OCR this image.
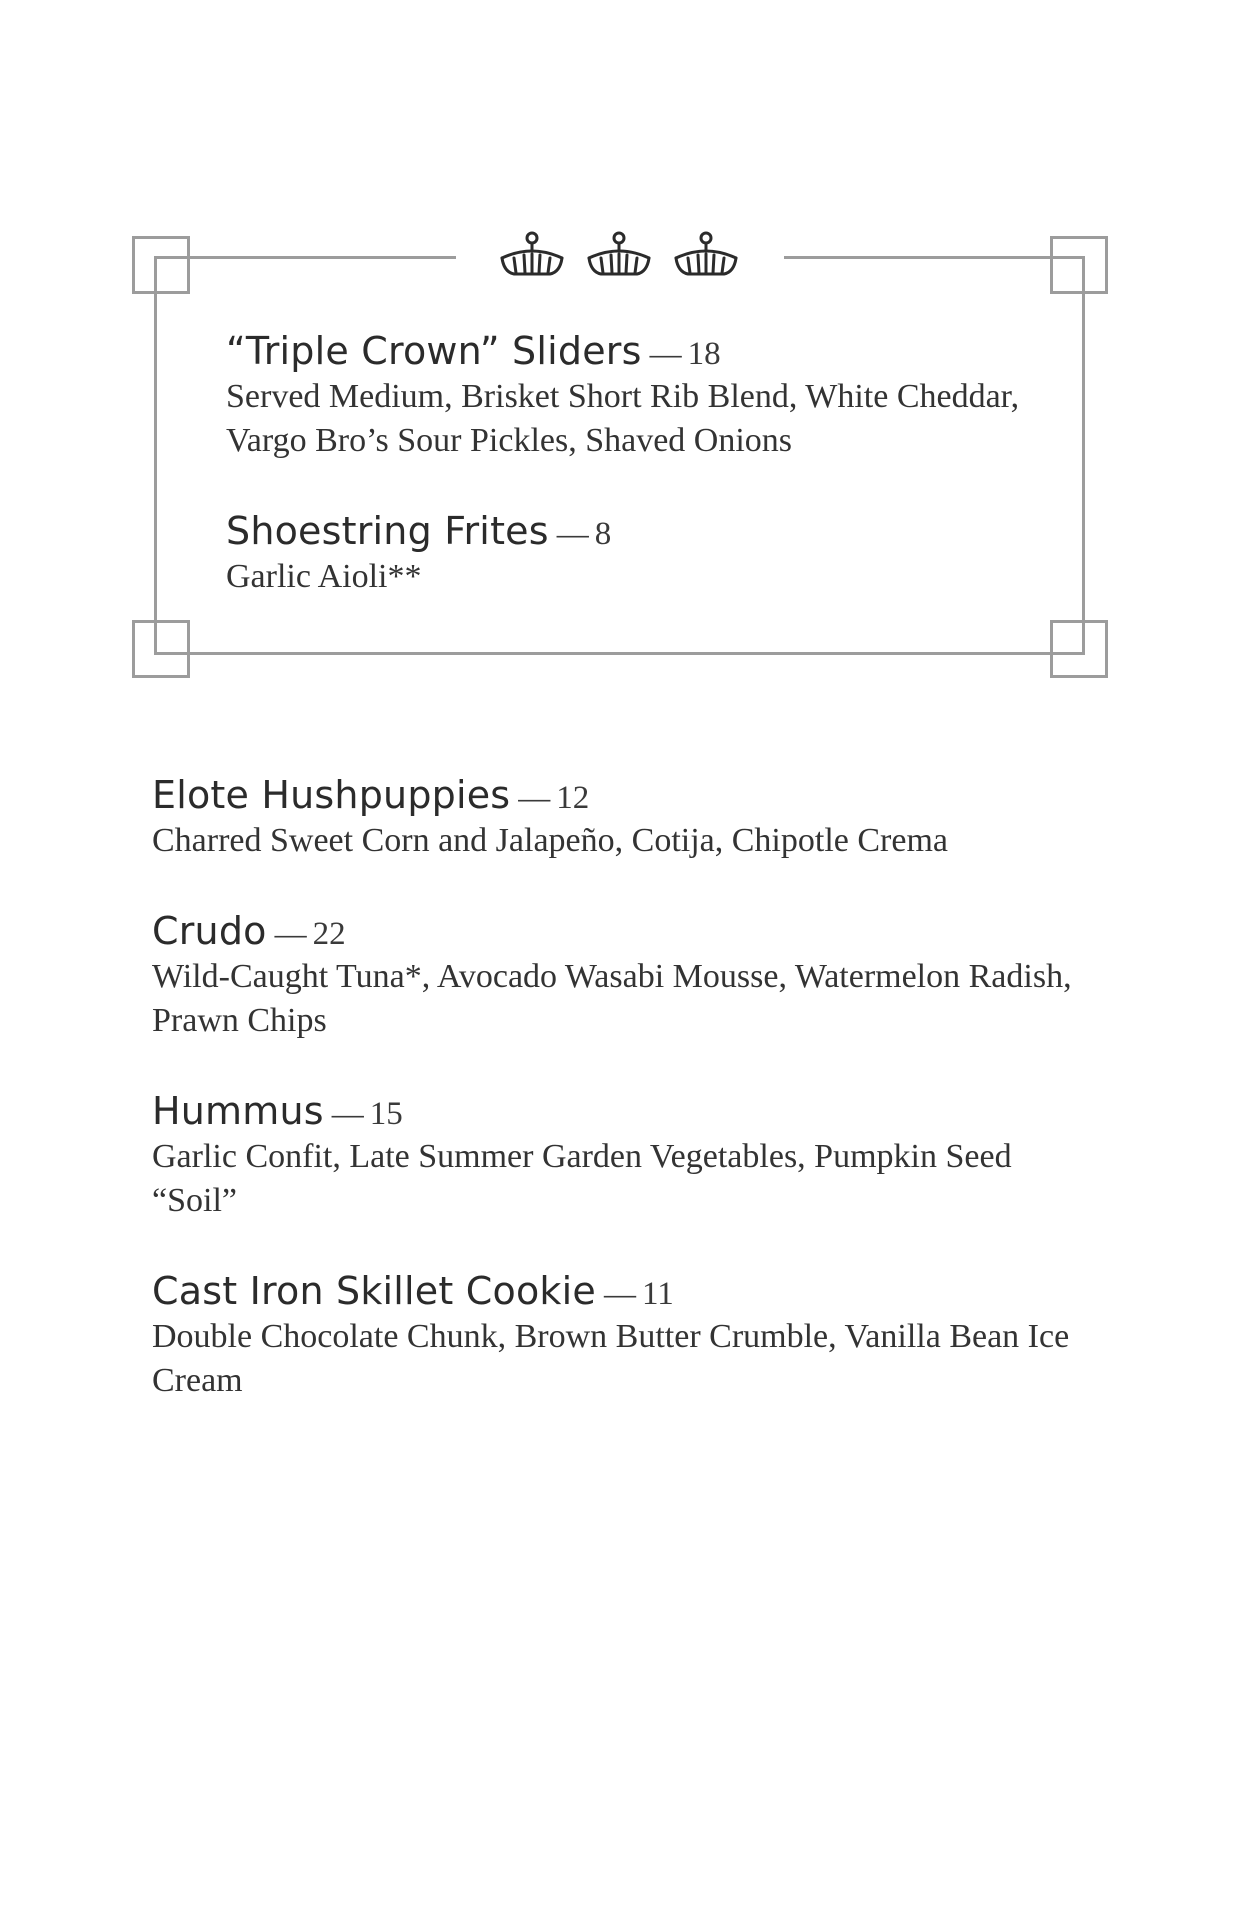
“Triple Crown” Sliders — 18
Served Medium, Brisket Short Rib Blend, White Cheddar, Vargo Bro’s Sour Pickles, Shaved Onions
Shoestring Frites — 8
Garlic Aioli**
Elote Hushpuppies — 12
Charred Sweet Corn and Jalapeño, Cotija, Chipotle Crema
Crudo — 22
Wild-Caught Tuna*, Avocado Wasabi Mousse, Watermelon Radish, Prawn Chips
Hummus — 15
Garlic Confit, Late Summer Garden Vegetables, Pumpkin Seed “Soil”
Cast Iron Skillet Cookie — 11
Double Chocolate Chunk, Brown Butter Crumble, Vanilla Bean Ice Cream
